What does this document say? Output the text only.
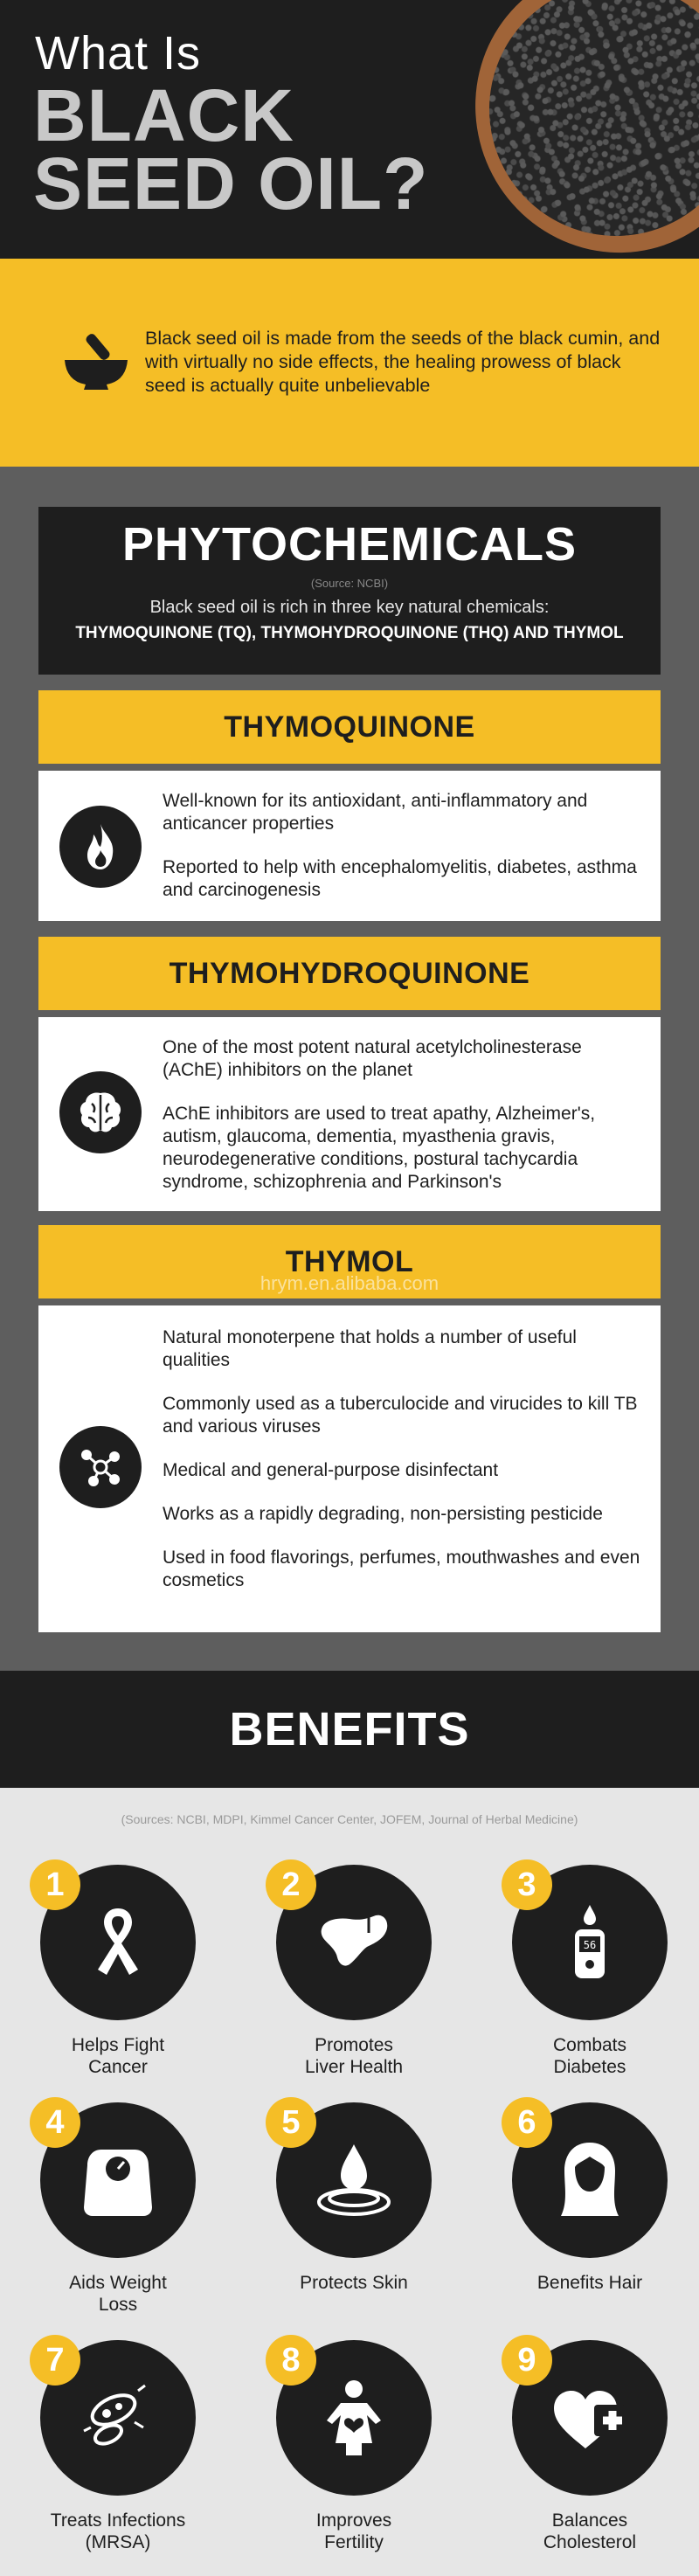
What Is
BLACK
SEED OIL?
Black seed oil is made from the seeds of the black cumin, and with virtually no side effects, the healing prowess of black seed is actually quite unbelievable
PHYTOCHEMICALS
(Source: NCBI)
Black seed oil is rich in three key natural chemicals:
THYMOQUINONE (TQ), THYMOHYDROQUINONE (THQ) AND THYMOL
THYMOQUINONE

Well-known for its antioxidant, anti-inflammatory and anticancer properties

Reported to help with encephalomyelitis, diabetes, asthma and carcinogenesis

THYMOHYDROQUINONE

One of the most potent natural acetylcholinesterase (AChE) inhibitors on the planet

AChE inhibitors are used to treat apathy, Alzheimer's, autism, glaucoma, dementia, myasthenia gravis, neurodegenerative conditions, postural tachycardia syndrome, schizophrenia and Parkinson's

THYMOL
hrym.en.alibaba.com

Natural monoterpene that holds a number of useful qualities

Commonly used as a tuberculocide and virucides to kill TB and various viruses

Medical and general-purpose disinfectant

Works as a rapidly degrading, non-persisting pesticide

Used in food flavorings, perfumes, mouthwashes and even cosmetics

BENEFITS
(Sources: NCBI, MDPI, Kimmel Cancer Center, JOFEM, Journal of Herbal Medicine)
1
Helps Fight
Cancer
2
Promotes
Liver Health
56
3
Combats
Diabetes
4
Aids Weight
Loss
5
Protects Skin
6
Benefits Hair
7
Treats Infections
(MRSA)
8
Improves
Fertility
9
Balances
Cholesterol
